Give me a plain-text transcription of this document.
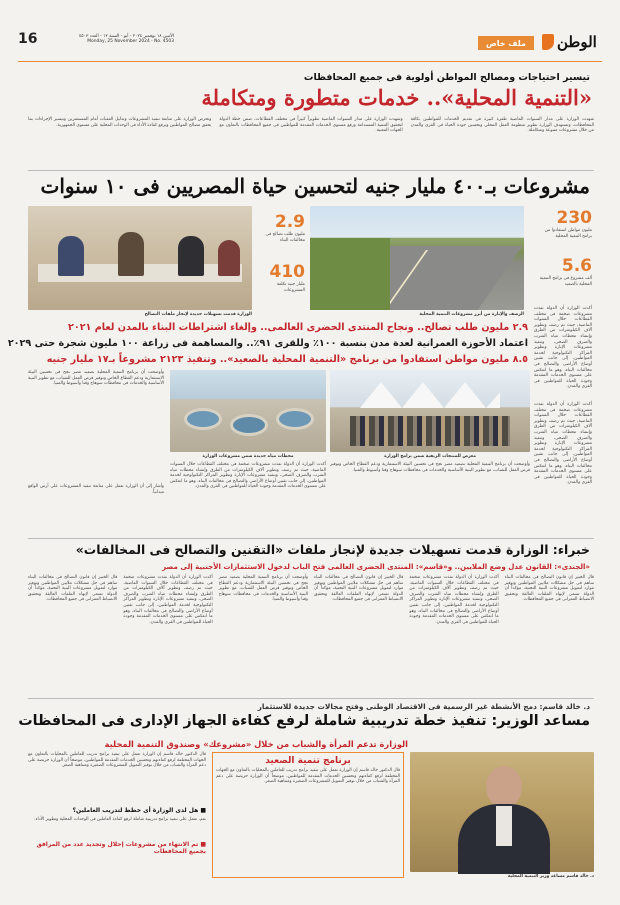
الوطن
ملف خاص
الأثنين ١٨ نوفمبر ٢٠٢٤ - أبو - السنة ١٢ - العدد ٤٥٠٣
Monday, 25 November 2024 - No. 4503
16
تيسير احتياجات ومصالح المواطن أولوية فى جميع المحافظات
«التنمية المحلية».. خدمات متطورة ومتكاملة
شهدت الوزارة على مدار السنوات الماضية طفرة كبيرة فى تقديم الخدمات للمواطنين بكافة المحافظات، وتستهدف الوزارة تطوير منظومة العمل المحلي وتحسين جودة الحياة فى القرى والمدن من خلال مشروعات متنوعة ومتكاملة.
وشهدت الوزارة على مدار السنوات الماضية تطويراً كبيراً فى مختلف القطاعات، ضمن خطة الدولة لتحقيق التنمية المستدامة ورفع مستوى الخدمات المقدمة للمواطنين فى جميع المحافظات بالتعاون مع الجهات المعنية.
وتحرص الوزارة على متابعة تنفيذ المشروعات وتذليل العقبات أمام المستثمرين وتيسير الإجراءات بما يحقق مصالح المواطنين ويرفع كفاءة الأداء فى الوحدات المحلية على مستوى الجمهورية.
مشروعات بـ٤٠٠ مليار جنيه لتحسين حياة المصريين فى ١٠ سنوات
230
مليون مواطن استفادوا من برامج التنمية المحلية
5.6
ألف مشروع فى برامج التنمية المحلية بالصعيد
2.9
مليون طلب تصالح فى مخالفات البناء
410
مليار جنيه تكلفة المشروعات
الوزارة قدمت تسهيلات جديدة لإنجاز ملفات التصالح	الرصف والإنارة من أبرز مشروعات التنمية المحلية
أكدت الوزارة أن الدولة نفذت مشروعات ضخمة فى مختلف القطاعات خلال السنوات الماضية، حيث تم رصف وتطوير آلاف الكيلومترات من الطرق وإنشاء محطات مياه الشرب والصرف الصحى، وتنفيذ مشروعات الإنارة وتطوير المراكز التكنولوجية لخدمة المواطنين، إلى جانب تقنين أوضاع الأراضى والتصالح فى مخالفات البناء، وهو ما انعكس على مستوى الخدمات المقدمة وجودة الحياة للمواطنين فى القرى والمدن.
٢.٩ مليون طلب تصالح.. ونجاح المنتدى الحضرى العالمى.. وإلغاء اشتراطات البناء بالمدن لعام ٢٠٢١
اعتماد الأحوزة العمرانية لعدة مدن بنسبة ١٠٠٪ وللقرى ٩١٪.. والمساهمة فى زراعة ١٠٠ مليون شجرة حتى ٢٠٢٩
٨.٥ مليون مواطن استفادوا من برنامج «التنمية المحلية بالصعيد».. وتنفيذ ٢١٢٣ مشروعاً بـ١٧ مليار جنيه
وأوضحت أن برنامج التنمية المحلية بصعيد مصر نجح فى تحسين البيئة الاستثمارية ودعم القطاع الخاص وتوفير فرص العمل للشباب، مع تطوير البنية الأساسية والخدمات فى محافظات سوهاج وقنا وأسيوط والمنيا.
أكدت الوزارة أن الدولة نفذت مشروعات ضخمة فى مختلف القطاعات خلال السنوات الماضية، حيث تم رصف وتطوير آلاف الكيلومترات من الطرق وإنشاء محطات مياه الشرب والصرف الصحى، وتنفيذ مشروعات الإنارة وتطوير المراكز التكنولوجية لخدمة المواطنين، إلى جانب تقنين أوضاع الأراضى والتصالح فى مخالفات البناء، وهو ما انعكس على مستوى الخدمات المقدمة وجودة الحياة للمواطنين فى القرى والمدن.
معرض للمنتجات الريفية ضمن برامج الوزارة
محطات مياه جديدة ضمن مشروعات الوزارة
أكدت الوزارة أن الدولة نفذت مشروعات ضخمة فى مختلف القطاعات خلال السنوات الماضية، حيث تم رصف وتطوير آلاف الكيلومترات من الطرق وإنشاء محطات مياه الشرب والصرف الصحى، وتنفيذ مشروعات الإنارة وتطوير المراكز التكنولوجية لخدمة المواطنين، إلى جانب تقنين أوضاع الأراضى والتصالح فى مخالفات البناء، وهو ما انعكس على مستوى الخدمات المقدمة وجودة الحياة للمواطنين فى القرى والمدن.
وأوضحت أن برنامج التنمية المحلية بصعيد مصر نجح فى تحسين البيئة الاستثمارية ودعم القطاع الخاص وتوفير فرص العمل للشباب، مع تطوير البنية الأساسية والخدمات فى محافظات سوهاج وقنا وأسيوط والمنيا.
وأشار إلى أن الوزارة تعمل على متابعة تنفيذ المشروعات على أرض الواقع ميدانياً.
خبراء: الوزارة قدمت تسهيلات جديدة لإنجاز ملفات «التقنين والتصالح فى المخالفات»
«الجندى»: القانون عدل وضع الملايين.. و«قاسم»: المنتدى الحضرى العالمى فتح الباب لدخول الاستثمارات الأجنبية إلى مصر
قال الخبير إن قانون التصالح فى مخالفات البناء ساهم فى حل مشكلات ملايين المواطنين وتوفير موارد لتمويل مشروعات البنية التحتية، مؤكداً أن الدولة تسعى لإنهاء الملفات العالقة وتحقيق الانضباط العمرانى فى جميع المحافظات.
أكدت الوزارة أن الدولة نفذت مشروعات ضخمة فى مختلف القطاعات خلال السنوات الماضية، حيث تم رصف وتطوير آلاف الكيلومترات من الطرق وإنشاء محطات مياه الشرب والصرف الصحى، وتنفيذ مشروعات الإنارة وتطوير المراكز التكنولوجية لخدمة المواطنين، إلى جانب تقنين أوضاع الأراضى والتصالح فى مخالفات البناء، وهو ما انعكس على مستوى الخدمات المقدمة وجودة الحياة للمواطنين فى القرى والمدن.
قال الخبير إن قانون التصالح فى مخالفات البناء ساهم فى حل مشكلات ملايين المواطنين وتوفير موارد لتمويل مشروعات البنية التحتية، مؤكداً أن الدولة تسعى لإنهاء الملفات العالقة وتحقيق الانضباط العمرانى فى جميع المحافظات.
وأوضحت أن برنامج التنمية المحلية بصعيد مصر نجح فى تحسين البيئة الاستثمارية ودعم القطاع الخاص وتوفير فرص العمل للشباب، مع تطوير البنية الأساسية والخدمات فى محافظات سوهاج وقنا وأسيوط والمنيا.
أكدت الوزارة أن الدولة نفذت مشروعات ضخمة فى مختلف القطاعات خلال السنوات الماضية، حيث تم رصف وتطوير آلاف الكيلومترات من الطرق وإنشاء محطات مياه الشرب والصرف الصحى، وتنفيذ مشروعات الإنارة وتطوير المراكز التكنولوجية لخدمة المواطنين، إلى جانب تقنين أوضاع الأراضى والتصالح فى مخالفات البناء، وهو ما انعكس على مستوى الخدمات المقدمة وجودة الحياة للمواطنين فى القرى والمدن.
قال الخبير إن قانون التصالح فى مخالفات البناء ساهم فى حل مشكلات ملايين المواطنين وتوفير موارد لتمويل مشروعات البنية التحتية، مؤكداً أن الدولة تسعى لإنهاء الملفات العالقة وتحقيق الانضباط العمرانى فى جميع المحافظات.
د. خالد قاسم: دمج الأنشطة غير الرسمية فى الاقتصاد الوطنى وفتح مجالات جديدة للاستثمار
مساعد الوزير: تنفيذ خطة تدريبية شاملة لرفع كفاءة الجهاز الإدارى فى المحافظات
الوزارة تدعم المرأة والشباب من خلال «مشروعك» وصندوق التنمية المحلية
د. خالد قاسم مساعد وزير التنمية المحلية
برنامج تنمية الصعيد
قال الدكتور خالد قاسم إن الوزارة تعمل على تنفيذ برامج تدريب للعاملين بالمحليات بالتعاون مع الجهات المختلفة لرفع كفاءتهم وتحسين الخدمات المقدمة للمواطنين، موضحاً أن الوزارة حريصة على دعم المرأة والشباب من خلال توفير التمويل للمشروعات الصغيرة ومتناهية الصغر.
قال الدكتور خالد قاسم إن الوزارة تعمل على تنفيذ برامج تدريب للعاملين بالمحليات بالتعاون مع الجهات المختلفة لرفع كفاءتهم وتحسين الخدمات المقدمة للمواطنين، موضحاً أن الوزارة حريصة على دعم المرأة والشباب من خلال توفير التمويل للمشروعات الصغيرة ومتناهية الصغر.
■ هل لدى الوزارة أى خطط لتدريب العاملين؟
نعم، نعمل على تنفيذ برامج تدريبية شاملة لرفع كفاءة العاملين فى الوحدات المحلية وتطوير الأداء.
■ تم الانتهاء من مشروعات إحلال وتجديد عدد من المرافق بجميع المحافظات
